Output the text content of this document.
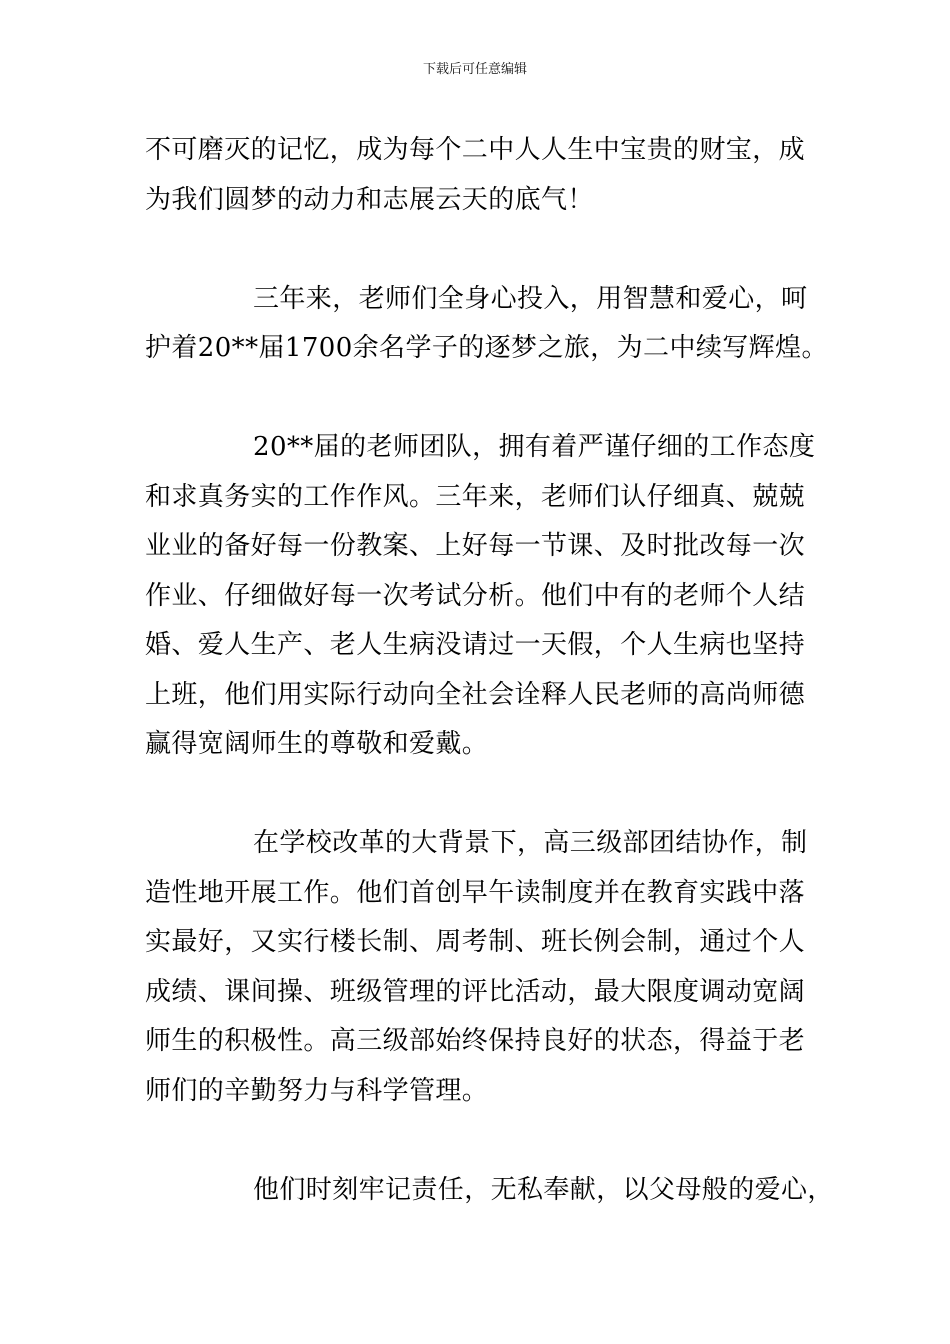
下载后可任意编辑
不可磨灭的记忆，成为每个二中人人生中宝贵的财宝，成
为我们圆梦的动力和志展云天的底气！
三年来，老师们全身心投入，用智慧和爱心，呵
护着20**届1700余名学子的逐梦之旅，为二中续写辉煌。
20**届的老师团队，拥有着严谨仔细的工作态度
和求真务实的工作作风。三年来，老师们认仔细真、兢兢
业业的备好每一份教案、上好每一节课、及时批改每一次
作业、仔细做好每一次考试分析。他们中有的老师个人结
婚、爱人生产、老人生病没请过一天假，个人生病也坚持
上班，他们用实际行动向全社会诠释人民老师的高尚师德
赢得宽阔师生的尊敬和爱戴。
在学校改革的大背景下，高三级部团结协作，制
造性地开展工作。他们首创早午读制度并在教育实践中落
实最好，又实行楼长制、周考制、班长例会制，通过个人
成绩、课间操、班级管理的评比活动，最大限度调动宽阔
师生的积极性。高三级部始终保持良好的状态，得益于老
师们的辛勤努力与科学管理。
他们时刻牢记责任，无私奉献，以父母般的爱心，
